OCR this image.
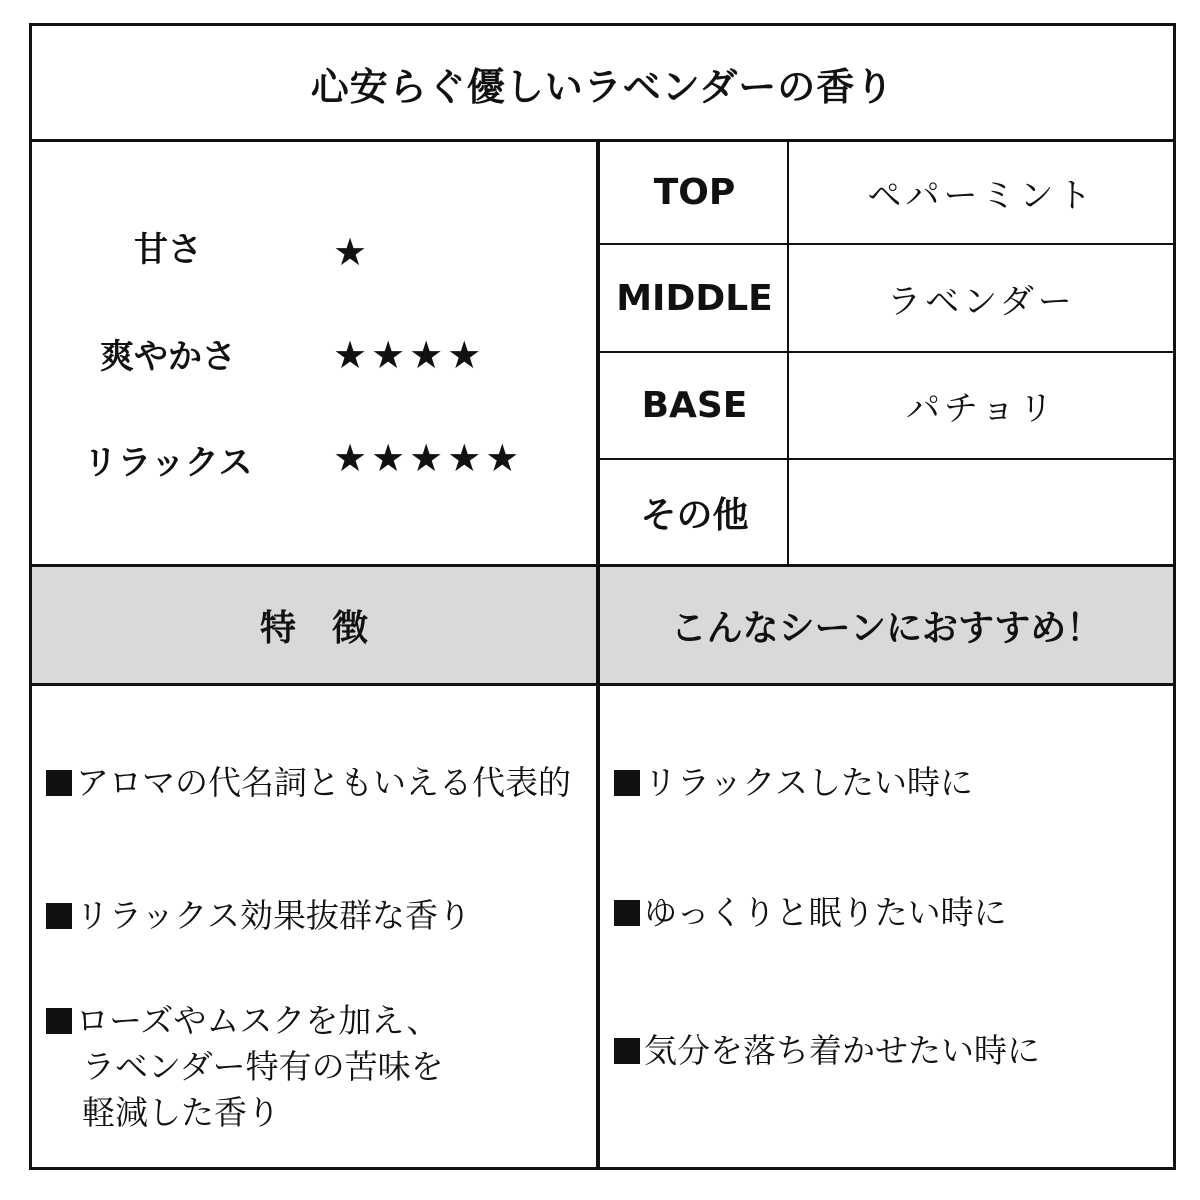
心安らぐ優しいラベンダーの香り
甘さ	★
爽やかさ	★★★★
リラックス	★★★★★
TOP	ペパーミント
MIDDLE	ラベンダー
BASE	パチョリ
その他
特　徴	こんなシーンにおすすめ！
アロマの代名詞ともいえる代表的
リラックス効果抜群な香り
ローズやムスクを加え、
ラベンダー特有の苦味を
軽減した香り
リラックスしたい時に
ゆっくりと眠りたい時に
気分を落ち着かせたい時に
